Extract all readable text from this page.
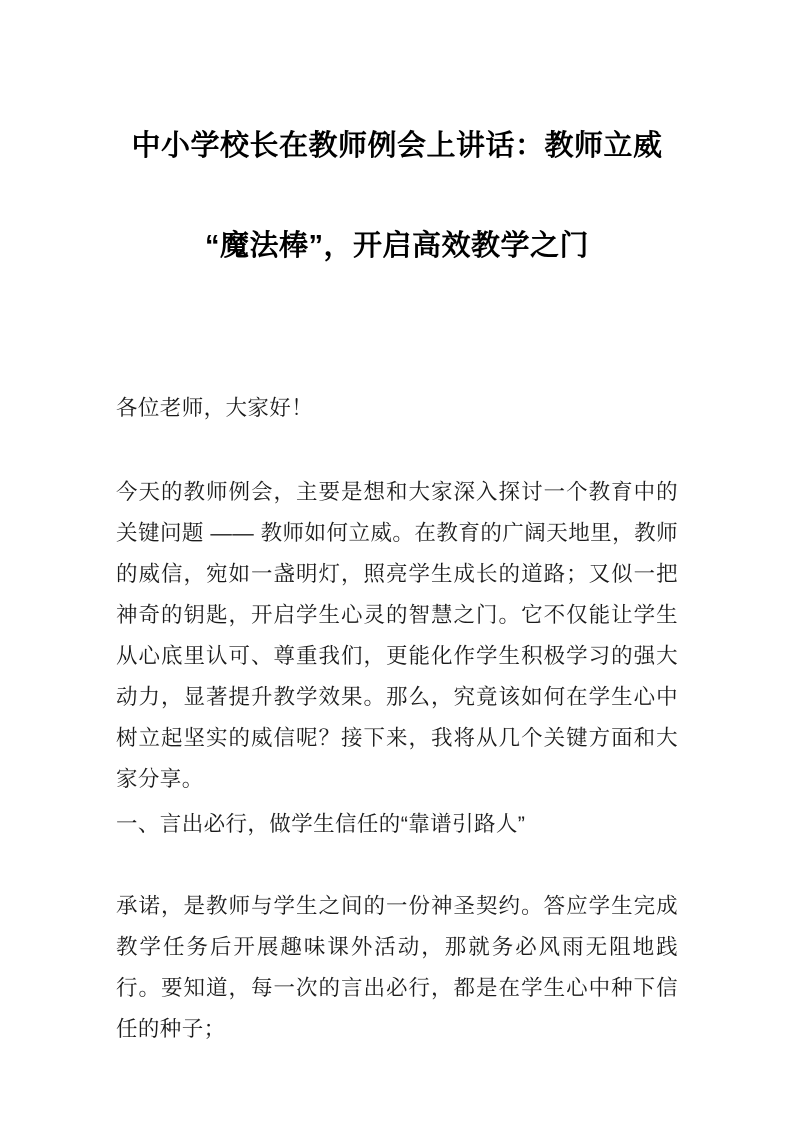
中小学校长在教师例会上讲话：教师立威
“魔法棒”，开启高效教学之门
各位老师，大家好！
今天的教师例会，主要是想和大家深入探讨一个教育中的关键问题 —— 教师如何立威。在教育的广阔天地里，教师的威信，宛如一盏明灯，照亮学生成长的道路；又似一把神奇的钥匙，开启学生心灵的智慧之门。它不仅能让学生从心底里认可、尊重我们，更能化作学生积极学习的强大动力，显著提升教学效果。那么，究竟该如何在学生心中树立起坚实的威信呢？接下来，我将从几个关键方面和大家分享。
一、言出必行，做学生信任的“靠谱引路人”
承诺，是教师与学生之间的一份神圣契约。答应学生完成教学任务后开展趣味课外活动，那就务必风雨无阻地践行。要知道，每一次的言出必行，都是在学生心中种下信任的种子；
